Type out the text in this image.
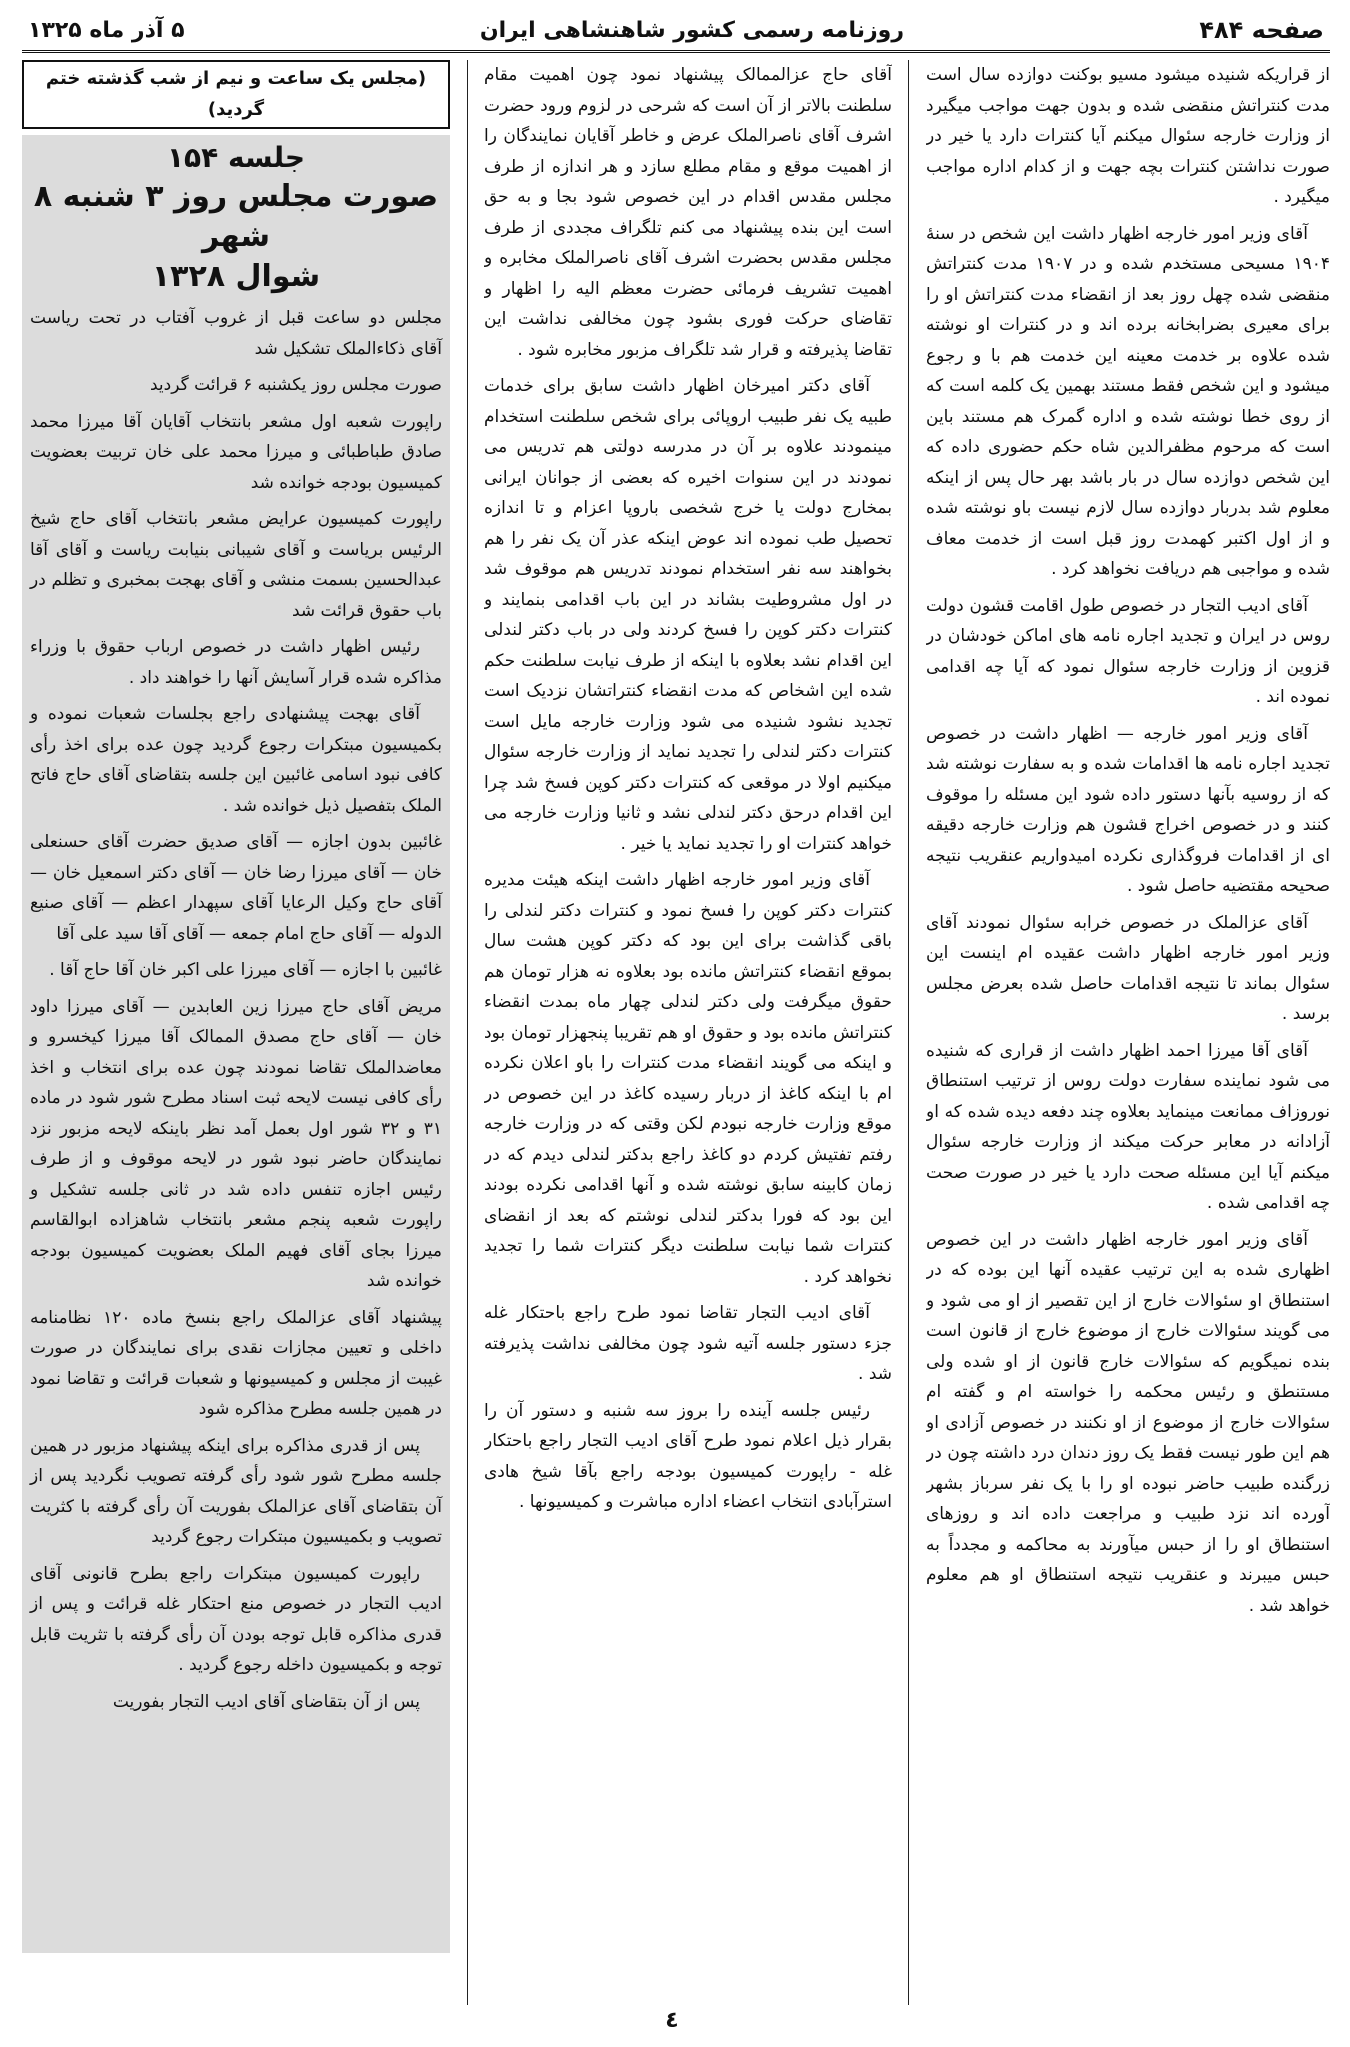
صفحه ۴۸۴
روزنامه رسمی کشور شاهنشاهی ایران
۵ آذر ماه ۱۳۲۵

از قراریکه شنیده میشود مسیو بوکنت دوازده سال است مدت کنتراتش منقضی شده و بدون جهت مواجب میگیرد از وزارت خارجه سئوال میکنم آیا کنترات دارد یا خیر در صورت نداشتن کنترات بچه جهت و از کدام اداره مواجب میگیرد .

آقای وزیر امور خارجه اظهار داشت این شخص در سنهٔ ۱۹۰۴ مسیحی مستخدم شده و در ۱۹۰۷ مدت کنتراتش منقضی شده چهل روز بعد از انقضاء مدت کنتراتش او را برای معیری بضرابخانه برده اند و در کنترات او نوشته شده علاوه بر خدمت معینه این خدمت هم با و رجوع میشود و این شخص فقط مستند بهمین یک کلمه است که از روی خطا نوشته شده و اداره گمرک هم مستند باین است که مرحوم مظفرالدین شاه حکم حضوری داده که این شخص دوازده سال در بار باشد بهر حال پس از اینکه معلوم شد بدربار دوازده سال لازم نیست باو نوشته شده و از اول اکتبر کهمدت روز قبل است از خدمت معاف شده و مواجبی هم دریافت نخواهد کرد .

آقای ادیب التجار در خصوص طول اقامت قشون دولت روس در ایران و تجدید اجاره نامه های اماکن خودشان در قزوین از وزارت خارجه سئوال نمود که آیا چه اقدامی نموده اند .

آقای وزیر امور خارجه — اظهار داشت در خصوص تجدید اجاره نامه ها اقدامات شده و به سفارت نوشته شد که از روسیه بآنها دستور داده شود این مسئله را موقوف کنند و در خصوص اخراج قشون هم وزارت خارجه دقیقه ای از اقدامات فروگذاری نکرده امیدواریم عنقریب نتیجه صحیحه مقتضیه حاصل شود .

آقای عزالملک در خصوص خرابه سئوال نمودند آقای وزیر امور خارجه اظهار داشت عقیده ام اینست این سئوال بماند تا نتیجه اقدامات حاصل شده بعرض مجلس برسد .

آقای آقا میرزا احمد اظهار داشت از قراری که شنیده می شود نماینده سفارت دولت روس از ترتیب استنطاق نوروزاف ممانعت مینماید بعلاوه چند دفعه دیده شده که او آزادانه در معابر حرکت میکند از وزارت خارجه سئوال میکنم آیا این مسئله صحت دارد یا خیر در صورت صحت چه اقدامی شده .

آقای وزیر امور خارجه اظهار داشت در این خصوص اظهاری شده به این ترتیب عقیده آنها این بوده که در استنطاق او سئوالات خارج از این تقصیر از او می شود و می گویند سئوالات خارج از موضوع خارج از قانون است بنده نمیگویم که سئوالات خارج قانون از او شده ولی مستنطق و رئیس محکمه را خواسته ام و گفته ام سئوالات خارج از موضوع از او نکنند در خصوص آزادی او هم این طور نیست فقط یک روز دندان درد داشته چون در زرگنده طبیب حاضر نبوده او را با یک نفر سرباز بشهر آورده اند نزد طبیب و مراجعت داده اند و روزهای استنطاق او را از حبس میآورند به محاکمه و مجدداً به حبس میبرند و عنقریب نتیجه استنطاق او هم معلوم خواهد شد .

آقای حاج عزالممالک پیشنهاد نمود چون اهمیت مقام سلطنت بالاتر از آن است که شرحی در لزوم ورود حضرت اشرف آقای ناصرالملک عرض و خاطر آقایان نمایندگان را از اهمیت موقع و مقام مطلع سازد و هر اندازه از طرف مجلس مقدس اقدام در این خصوص شود بجا و به حق است این بنده پیشنهاد می کنم تلگراف مجددی از طرف مجلس مقدس بحضرت اشرف آقای ناصرالملک مخابره و اهمیت تشریف فرمائی حضرت معظم الیه را اظهار و تقاضای حرکت فوری بشود چون مخالفی نداشت این تقاضا پذیرفته و قرار شد تلگراف مزبور مخابره شود .

آقای دکتر امیرخان اظهار داشت سابق برای خدمات طبیه یک نفر طبیب اروپائی برای شخص سلطنت استخدام مینمودند علاوه بر آن در مدرسه دولتی هم تدریس می نمودند در این سنوات اخیره که بعضی از جوانان ایرانی بمخارج دولت یا خرج شخصی باروپا اعزام و تا اندازه تحصیل طب نموده اند عوض اینکه عذر آن یک نفر را هم بخواهند سه نفر استخدام نمودند تدریس هم موقوف شد در اول مشروطیت بشاند در این باب اقدامی بنمایند و کنترات دکتر کوپن را فسخ کردند ولی در باب دکتر لندلی این اقدام نشد بعلاوه با اینکه از طرف نیابت سلطنت حکم شده این اشخاص که مدت انقضاء کنتراتشان نزدیک است تجدید نشود شنیده می شود وزارت خارجه مایل است کنترات دکتر لندلی را تجدید نماید از وزارت خارجه سئوال میکنیم اولا در موقعی که کنترات دکتر کوپن فسخ شد چرا این اقدام درحق دکتر لندلی نشد و ثانیا وزارت خارجه می خواهد کنترات او را تجدید نماید یا خیر .

آقای وزیر امور خارجه اظهار داشت اینکه هیئت مدیره کنترات دکتر کوپن را فسخ نمود و کنترات دکتر لندلی را باقی گذاشت برای این بود که دکتر کوپن هشت سال بموقع انقضاء کنتراتش مانده بود بعلاوه نه هزار تومان هم حقوق میگرفت ولی دکتر لندلی چهار ماه بمدت انقضاء کنتراتش مانده بود و حقوق او هم تقریبا پنجهزار تومان بود و اینکه می گویند انقضاء مدت کنترات را باو اعلان نکرده ام با اینکه کاغذ از دربار رسیده کاغذ در این خصوص در موقع وزارت خارجه نبودم لکن وقتی که در وزارت خارجه رفتم تفتیش کردم دو کاغذ راجع بدکتر لندلی دیدم که در زمان کابینه سابق نوشته شده و آنها اقدامی نکرده بودند این بود که فورا بدکتر لندلی نوشتم که بعد از انقضای کنترات شما نیابت سلطنت دیگر کنترات شما را تجدید نخواهد کرد .

آقای ادیب التجار تقاضا نمود طرح راجع باحتکار غله جزء دستور جلسه آتیه شود چون مخالفی نداشت پذیرفته شد .

رئیس جلسه آینده را بروز سه شنبه و دستور آن را بقرار ذیل اعلام نمود طرح آقای ادیب التجار راجع باحتکار غله - راپورت کمیسیون بودجه راجع بآقا شیخ هادی استرآبادی انتخاب اعضاء اداره مباشرت و کمیسیونها .

(مجلس یک ساعت و نیم از شب گذشته ختم گردید)
جلسه ۱۵۴
صورت مجلس روز ۳ شنبه ۸ شهر
شوال ۱۳۲۸

مجلس دو ساعت قبل از غروب آفتاب در تحت ریاست آقای ذکاءالملک تشکیل شد

صورت مجلس روز یکشنبه ۶ قرائت گردید

راپورت شعبه اول مشعر بانتخاب آقایان آقا میرزا محمد صادق طباطبائی و میرزا محمد علی خان تربیت بعضویت کمیسیون بودجه خوانده شد

راپورت کمیسیون عرایض مشعر بانتخاب آقای حاج شیخ الرئیس بریاست و آقای شیبانی بنیابت ریاست و آقای آقا عبدالحسین بسمت منشی و آقای بهجت بمخبری و تظلم در باب حقوق قرائت شد

رئیس اظهار داشت در خصوص ارباب حقوق با وزراء مذاکره شده قرار آسایش آنها را خواهند داد .

آقای بهجت پیشنهادی راجع بجلسات شعبات نموده و بکمیسیون مبتکرات رجوع گردید چون عده برای اخذ رأی کافی نبود اسامی غائبین این جلسه بتقاضای آقای حاج فاتح الملک بتفصیل ذیل خوانده شد .

غائبین بدون اجازه — آقای صدیق حضرت آقای حسنعلی خان — آقای میرزا رضا خان — آقای دکتر اسمعیل خان — آقای حاج وکیل الرعایا آقای سپهدار اعظم — آقای صنیع الدوله — آقای حاج امام جمعه — آقای آقا سید علی آقا

غائبین با اجازه — آقای میرزا علی اکبر خان آقا حاج آقا .

مریض آقای حاج میرزا زین العابدین — آقای میرزا داود خان — آقای حاج مصدق الممالک آقا میرزا کیخسرو و معاضدالملک تقاضا نمودند چون عده برای انتخاب و اخذ رأی کافی نیست لایحه ثبت اسناد مطرح شور شود در ماده ۳۱ و ۳۲ شور اول بعمل آمد نظر باینکه لایحه مزبور نزد نمایندگان حاضر نبود شور در لایحه موقوف و از طرف رئیس اجازه تنفس داده شد در ثانی جلسه تشکیل و راپورت شعبه پنجم مشعر بانتخاب شاهزاده ابوالقاسم میرزا بجای آقای فهیم الملک بعضویت کمیسیون بودجه خوانده شد

پیشنهاد آقای عزالملک راجع بنسخ ماده ۱۲۰ نظامنامه داخلی و تعیین مجازات نقدی برای نمایندگان در صورت غیبت از مجلس و کمیسیونها و شعبات قرائت و تقاضا نمود در همین جلسه مطرح مذاکره شود

پس از قدری مذاکره برای اینکه پیشنهاد مزبور در همین جلسه مطرح شور شود رأی گرفته تصویب نگردید پس از آن بتقاضای آقای عزالملک بفوریت آن رأی گرفته با کثریت تصویب و بکمیسیون مبتکرات رجوع گردید

راپورت کمیسیون مبتکرات راجع بطرح قانونی آقای ادیب التجار در خصوص منع احتکار غله قرائت و پس از قدری مذاکره قابل توجه بودن آن رأی گرفته با تثریت قابل توجه و بکمیسیون داخله رجوع گردید .

پس از آن بتقاضای آقای ادیب التجار بفوریت

٤
